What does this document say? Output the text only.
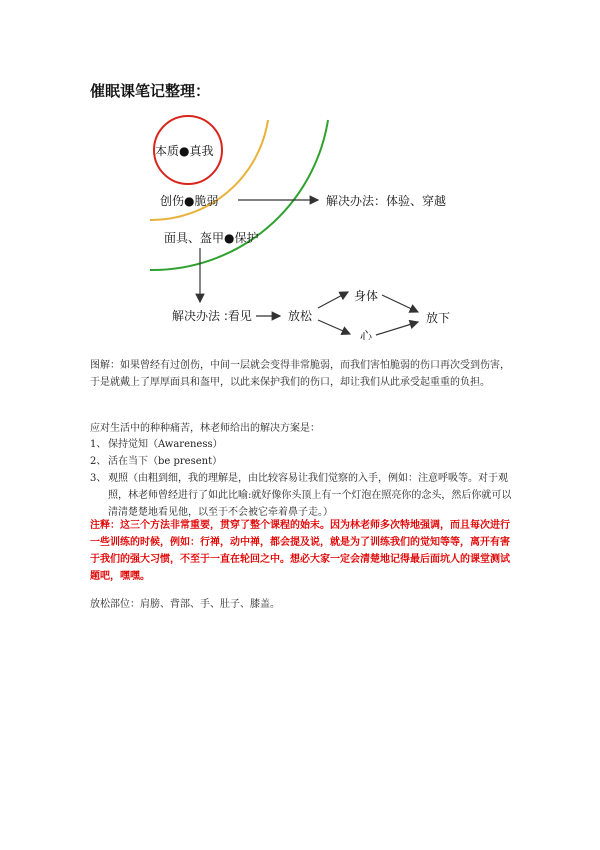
催眠课笔记整理：
本质●真我
创伤●脆弱
面具、盔甲●保护
解决办法：体验、穿越
解决办法 :看见	放松
身体
心
放下
图解：如果曾经有过创伤，中间一层就会变得非常脆弱，而我们害怕脆弱的伤口再次受到伤害，于是就戴上了厚厚面具和盔甲，以此来保护我们的伤口，却让我们从此承受起重重的负担。
应对生活中的种种痛苦，林老师给出的解决方案是：
1、 保持觉知（Awareness）
2、 活在当下（be present）
3、 观照（由粗到细，我的理解是，由比较容易让我们觉察的入手，例如：注意呼吸等。对于观照，林老师曾经进行了如此比喻:就好像你头顶上有一个灯泡在照亮你的念头，然后你就可以清清楚楚地看见他，以至于不会被它牵着鼻子走。）
注释：这三个方法非常重要，贯穿了整个课程的始末。因为林老师多次特地强调，而且每次进行一些训练的时候，例如：行禅，动中禅，都会提及说，就是为了训练我们的觉知等等，离开有害于我们的强大习惯，不至于一直在轮回之中。想必大家一定会清楚地记得最后面坑人的课堂测试题吧，嘿嘿。
放松部位：肩膀、背部、手、肚子、膝盖。
